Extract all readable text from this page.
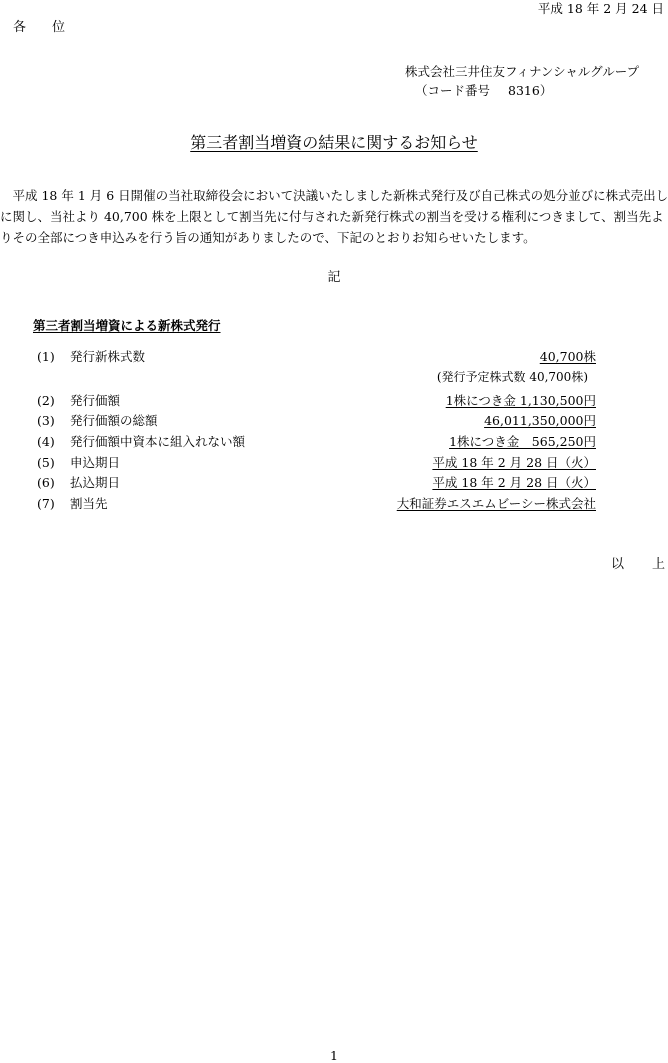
平成 18 年 2 月 24 日
各 位
株式会社三井住友フィナンシャルグループ
（コード番号 8316）
第三者割当増資の結果に関するお知らせ

　平成 18 年 1 月 6 日開催の当社取締役会において決議いたしました新株式発行及び自己株式の処分並びに株式売出し

に関し、当社より 40,700 株を上限として割当先に付与された新発行株式の割当を受ける権利につきまして、割当先よ

りその全部につき申込みを行う旨の通知がありましたので、下記のとおりお知らせいたします。

記
第三者割当増資による新株式発行
(1) 発行新株式数	40,700株
(発行予定株式数 40,700株)
(2) 発行価額	1株につき金 1,130,500円
(3) 発行価額の総額	46,011,350,000円
(4) 発行価額中資本に組入れない額	1株につき金　565,250円
(5) 申込期日	平成 18 年 2 月 28 日（火）
(6) 払込期日	平成 18 年 2 月 28 日（火）
(7) 割当先	大和証券エスエムビーシー株式会社
以 上
1
